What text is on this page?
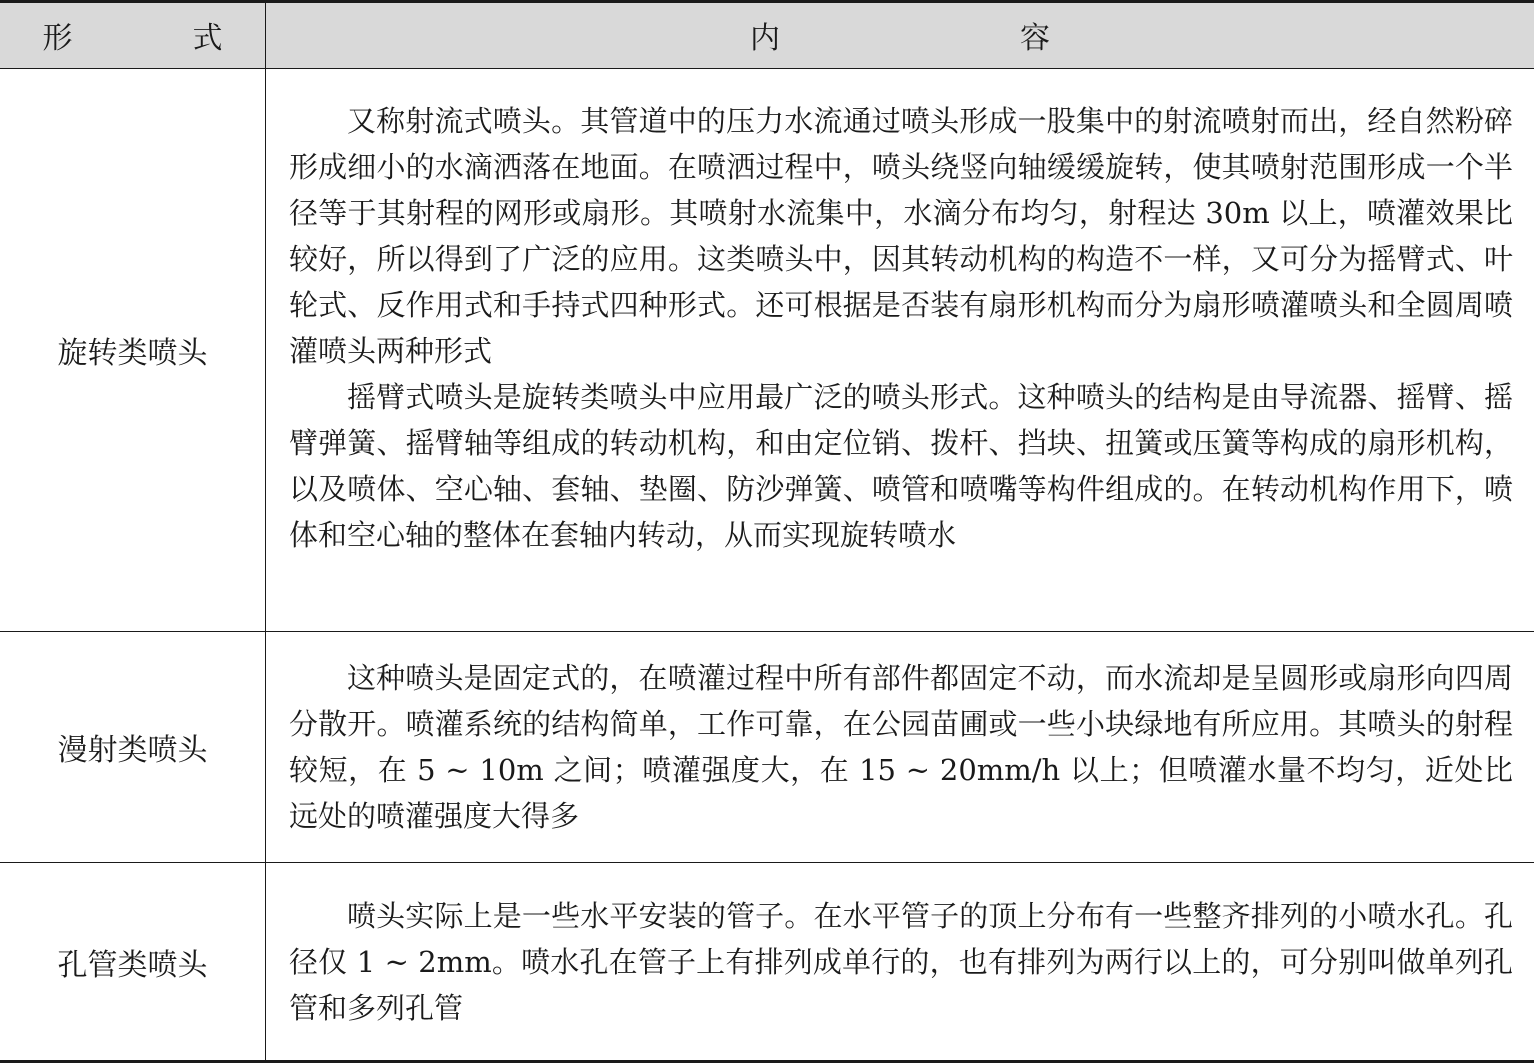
形　　　　式	内　　　　　　　　容
旋转类喷头

又称射流式喷头。其管道中的压力水流通过喷头形成一股集中的射流喷射而出，经自然粉碎形成细小的水滴洒落在地面。在喷洒过程中，喷头绕竖向轴缓缓旋转，使其喷射范围形成一个半径等于其射程的网形或扇形。其喷射水流集中，水滴分布均匀，射程达 30m 以上，喷灌效果比较好，所以得到了广泛的应用。这类喷头中，因其转动机构的构造不一样，又可分为摇臂式、叶轮式、反作用式和手持式四种形式。还可根据是否装有扇形机构而分为扇形喷灌喷头和全圆周喷灌喷头两种形式

摇臂式喷头是旋转类喷头中应用最广泛的喷头形式。这种喷头的结构是由导流器、摇臂、摇臂弹簧、摇臂轴等组成的转动机构，和由定位销、拨杆、挡块、扭簧或压簧等构成的扇形机构，以及喷体、空心轴、套轴、垫圈、防沙弹簧、喷管和喷嘴等构件组成的。在转动机构作用下，喷体和空心轴的整体在套轴内转动，从而实现旋转喷水

漫射类喷头

这种喷头是固定式的，在喷灌过程中所有部件都固定不动，而水流却是呈圆形或扇形向四周分散开。喷灌系统的结构简单，工作可靠，在公园苗圃或一些小块绿地有所应用。其喷头的射程较短，在 5 ~ 10m 之间；喷灌强度大，在 15 ~ 20mm/h 以上；但喷灌水量不均匀，近处比远处的喷灌强度大得多

孔管类喷头

喷头实际上是一些水平安装的管子。在水平管子的顶上分布有一些整齐排列的小喷水孔。孔径仅 1 ~ 2mm。喷水孔在管子上有排列成单行的，也有排列为两行以上的，可分别叫做单列孔管和多列孔管
